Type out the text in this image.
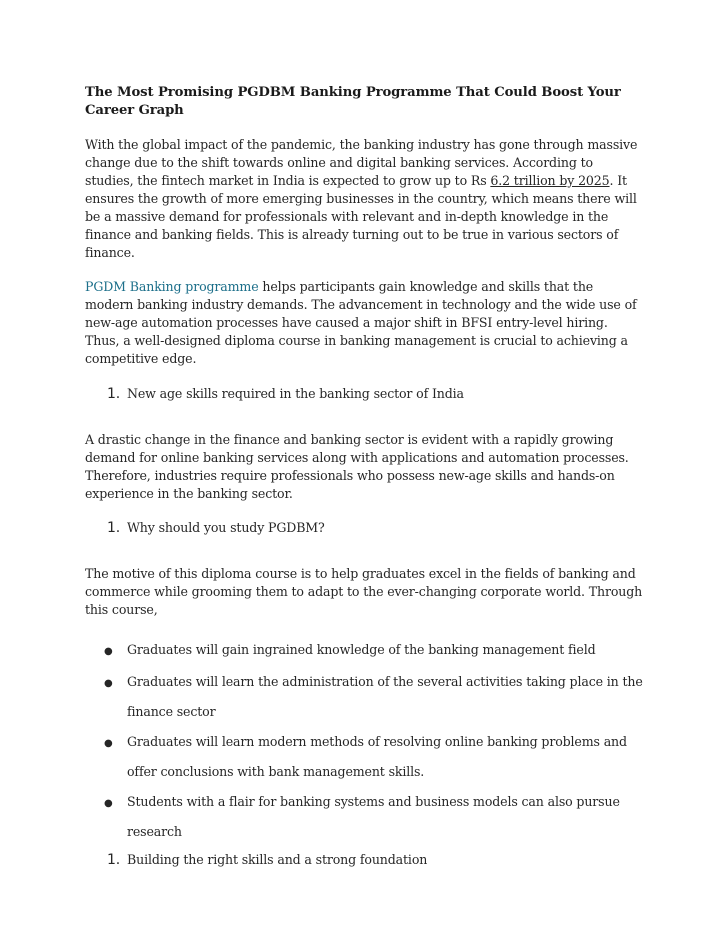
The Most Promising PGDBM Banking Programme That Could Boost Your Career Graph

With the global impact of the pandemic, the banking industry has gone through massive change due to the shift towards online and digital banking services. According to studies, the fintech market in India is expected to grow up to Rs 6.2 trillion by 2025. It ensures the growth of more emerging businesses in the country, which means there will be a massive demand for professionals with relevant and in-depth knowledge in the finance and banking fields. This is already turning out to be true in various sectors of finance.

PGDM Banking programme helps participants gain knowledge and skills that the modern banking industry demands. The advancement in technology and the wide use of new-age automation processes have caused a major shift in BFSI entry-level hiring. Thus, a well-designed diploma course in banking management is crucial to achieving a competitive edge.

1. New age skills required in the banking sector of India

A drastic change in the finance and banking sector is evident with a rapidly growing demand for online banking services along with applications and automation processes. Therefore, industries require professionals who possess new-age skills and hands-on experience in the banking sector.

1. Why should you study PGDBM?

The motive of this diploma course is to help graduates excel in the fields of banking and commerce while grooming them to adapt to the ever-changing corporate world. Through this course,

●	Graduates will gain ingrained knowledge of the banking management field
●	Graduates will learn the administration of the several activities taking place in the finance sector
●	Graduates will learn modern methods of resolving online banking problems and offer conclusions with bank management skills.
●	Students with a flair for banking systems and business models can also pursue research
1. Building the right skills and a strong foundation
